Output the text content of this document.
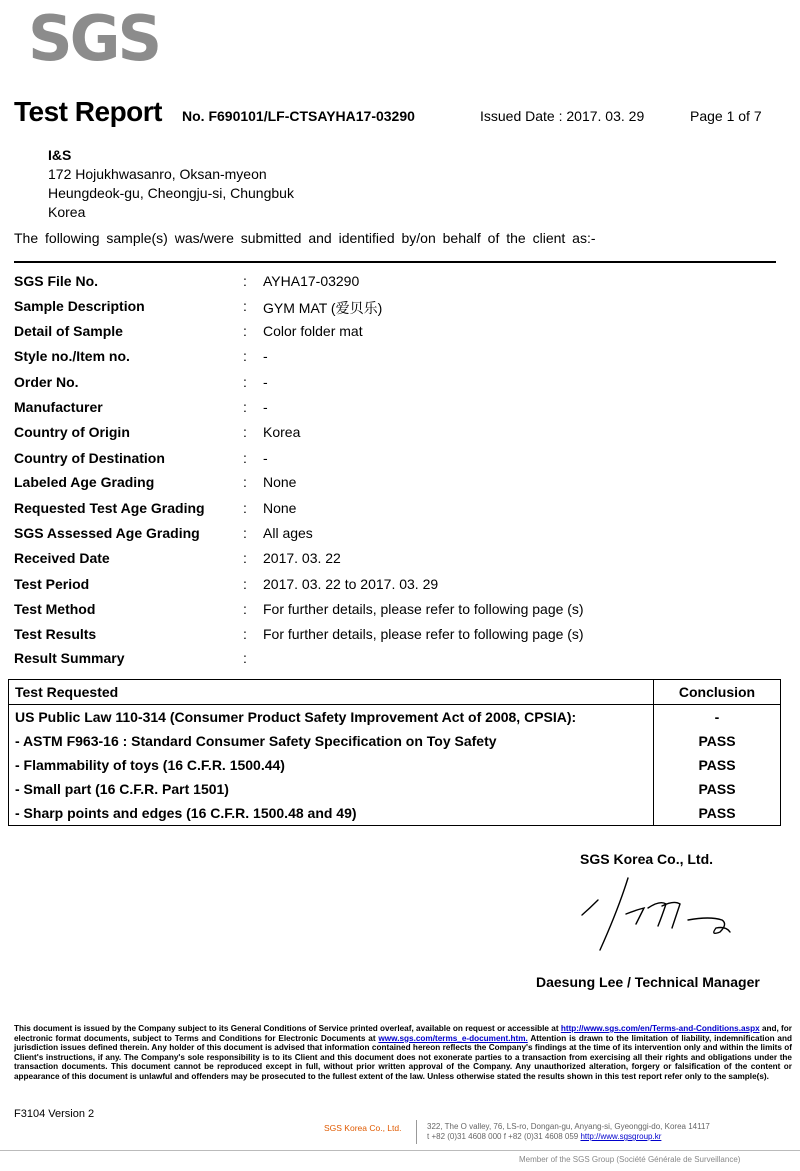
SGS
Test Report No. F690101/LF-CTSAYHA17-03290	Issued Date : 2017. 03. 29	Page 1 of 7
I&S
172 Hojukhwasanro, Oksan-myeon
Heungdeok-gu, Cheongju-si, Chungbuk
Korea
The following sample(s) was/were submitted and identified by/on behalf of the client as:-
SGS File No.	: AYHA17-03290
Sample Description	: GYM MAT (爱贝乐)
Detail of Sample	: Color folder mat
Style no./Item no.	: -
Order No.	: -
Manufacturer	: -
Country of Origin	: Korea
Country of Destination	: -
Labeled Age Grading	: None
Requested Test Age Grading	: None
SGS Assessed Age Grading	: All ages
Received Date	: 2017. 03. 22
Test Period	: 2017. 03. 22 to 2017. 03. 29
Test Method	: For further details, please refer to following page (s)
Test Results	: For further details, please refer to following page (s)
Result Summary	:
Test Requested	Conclusion
US Public Law 110-314 (Consumer Product Safety Improvement Act of 2008, CPSIA):	-
- ASTM F963-16 : Standard Consumer Safety Specification on Toy Safety	PASS
- Flammability of toys (16 C.F.R. 1500.44)	PASS
- Small part (16 C.F.R. Part 1501)	PASS
- Sharp points and edges (16 C.F.R. 1500.48 and 49)	PASS
SGS Korea Co., Ltd.
Daesung Lee / Technical Manager
This document is issued by the Company subject to its General Conditions of Service printed overleaf, available on request or accessible at http://www.sgs.com/en/Terms-and-Conditions.aspx and, for electronic format documents, subject to Terms and Conditions for Electronic Documents at www.sgs.com/terms_e-document.htm. Attention is drawn to the limitation of liability, indemnification and jurisdiction issues defined therein. Any holder of this document is advised that information contained hereon reflects the Company's findings at the time of its intervention only and within the limits of Client's instructions, if any. The Company's sole responsibility is to its Client and this document does not exonerate parties to a transaction from exercising all their rights and obligations under the transaction documents. This document cannot be reproduced except in full, without prior written approval of the Company. Any unauthorized alteration, forgery or falsification of the content or appearance of this document is unlawful and offenders may be prosecuted to the fullest extent of the law. Unless otherwise stated the results shown in this test report refer only to the sample(s).
F3104 Version 2
SGS Korea Co., Ltd.	322, The O valley, 76, LS-ro, Dongan-gu, Anyang-si, Gyeonggi-do, Korea 14117
t +82 (0)31 4608 000 f +82 (0)31 4608 059 http://www.sgsgroup.kr
Member of the SGS Group (Société Générale de Surveillance)
